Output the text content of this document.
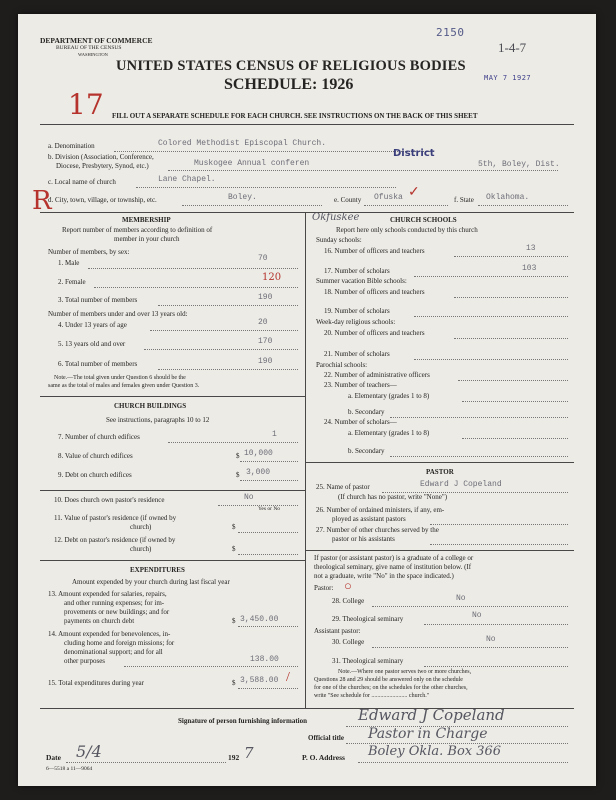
DEPARTMENT OF COMMERCE
BUREAU OF THE CENSUS
WASHINGTON
2150
1-4-7
MAY 7 1927
UNITED STATES CENSUS OF RELIGIOUS BODIES
SCHEDULE: 1926
17 FILL OUT A SEPARATE SCHEDULE FOR EACH CHURCH. SEE INSTRUCTIONS ON THE BACK OF THIS SHEET
a. Denomination	Colored Methodist Episcopal Church.
b. Division (Association, Conference,
Diocese, Presbytery, Synod, etc.)	Muskogee Annual conferen
District
5th, Boley, Dist.
R
c. Local name of church	Lane Chapel.
d. City, town, village, or township, etc.	Boley.	e. County Ofuska ✓	f. State Oklahoma.
MEMBERSHIP
Report number of members according to definition of
member in your church
Number of members, by sex:
1. Male	70
2. Female	120
3. Total number of members	190
Number of members under and over 13 years old:
4. Under 13 years of age	20
5. 13 years old and over	170
6. Total number of members	190
Note.—The total given under Question 6 should be the
same as the total of males and females given under Question 3.
CHURCH BUILDINGS
See instructions, paragraphs 10 to 12
7. Number of church edifices	1
8. Value of church edifices	$ 10,000
9. Debt on church edifices	$ 3,000
10. Does church own pastor's residence	No
Yes or No
11. Value of pastor's residence (if owned by
church)	$
12. Debt on pastor's residence (if owned by
church)	$
EXPENDITURES
Amount expended by your church during last fiscal year
13. Amount expended for salaries, repairs,
and other running expenses; for im-
provements or new buildings; and for
payments on church debt	$ 3,450.00
14. Amount expended for benevolences, in-
cluding home and foreign missions; for
denominational support; and for all
other purposes	138.00
15. Total expenditures during year	$ 3,588.00 /
Okfuskee	CHURCH SCHOOLS
Report here only schools conducted by this church
Sunday schools:
16. Number of officers and teachers	13
17. Number of scholars	103
Summer vacation Bible schools:
18. Number of officers and teachers
19. Number of scholars
Week-day religious schools:
20. Number of officers and teachers
21. Number of scholars
Parochial schools:
22. Number of administrative officers
23. Number of teachers—
a. Elementary (grades 1 to 8)
b. Secondary
24. Number of scholars—
a. Elementary (grades 1 to 8)
b. Secondary
PASTOR
25. Name of pastor	Edward J Copeland
(If church has no pastor, write "None")
26. Number of ordained ministers, if any, em-
ployed as assistant pastors
27. Number of other churches served by the
pastor or his assistants
If pastor (or assistant pastor) is a graduate of a college or
theological seminary, give name of institution below. (If
not a graduate, write "No" in the space indicated.)
Pastor: ○
28. College	No
29. Theological seminary	No
Assistant pastor:
30. College	No
31. Theological seminary
Note.—Where one pastor serves two or more churches,
Questions 28 and 29 should be answered only on the schedule
for one of the churches; on the schedules for the other churches,
write "See schedule for ........................ church."
Signature of person furnishing information	Edward J Copeland
Official title Pastor in Charge
Date 5/4	192 7	P. O. Address Boley Okla. Box 366
6—5518 a 11—9064
